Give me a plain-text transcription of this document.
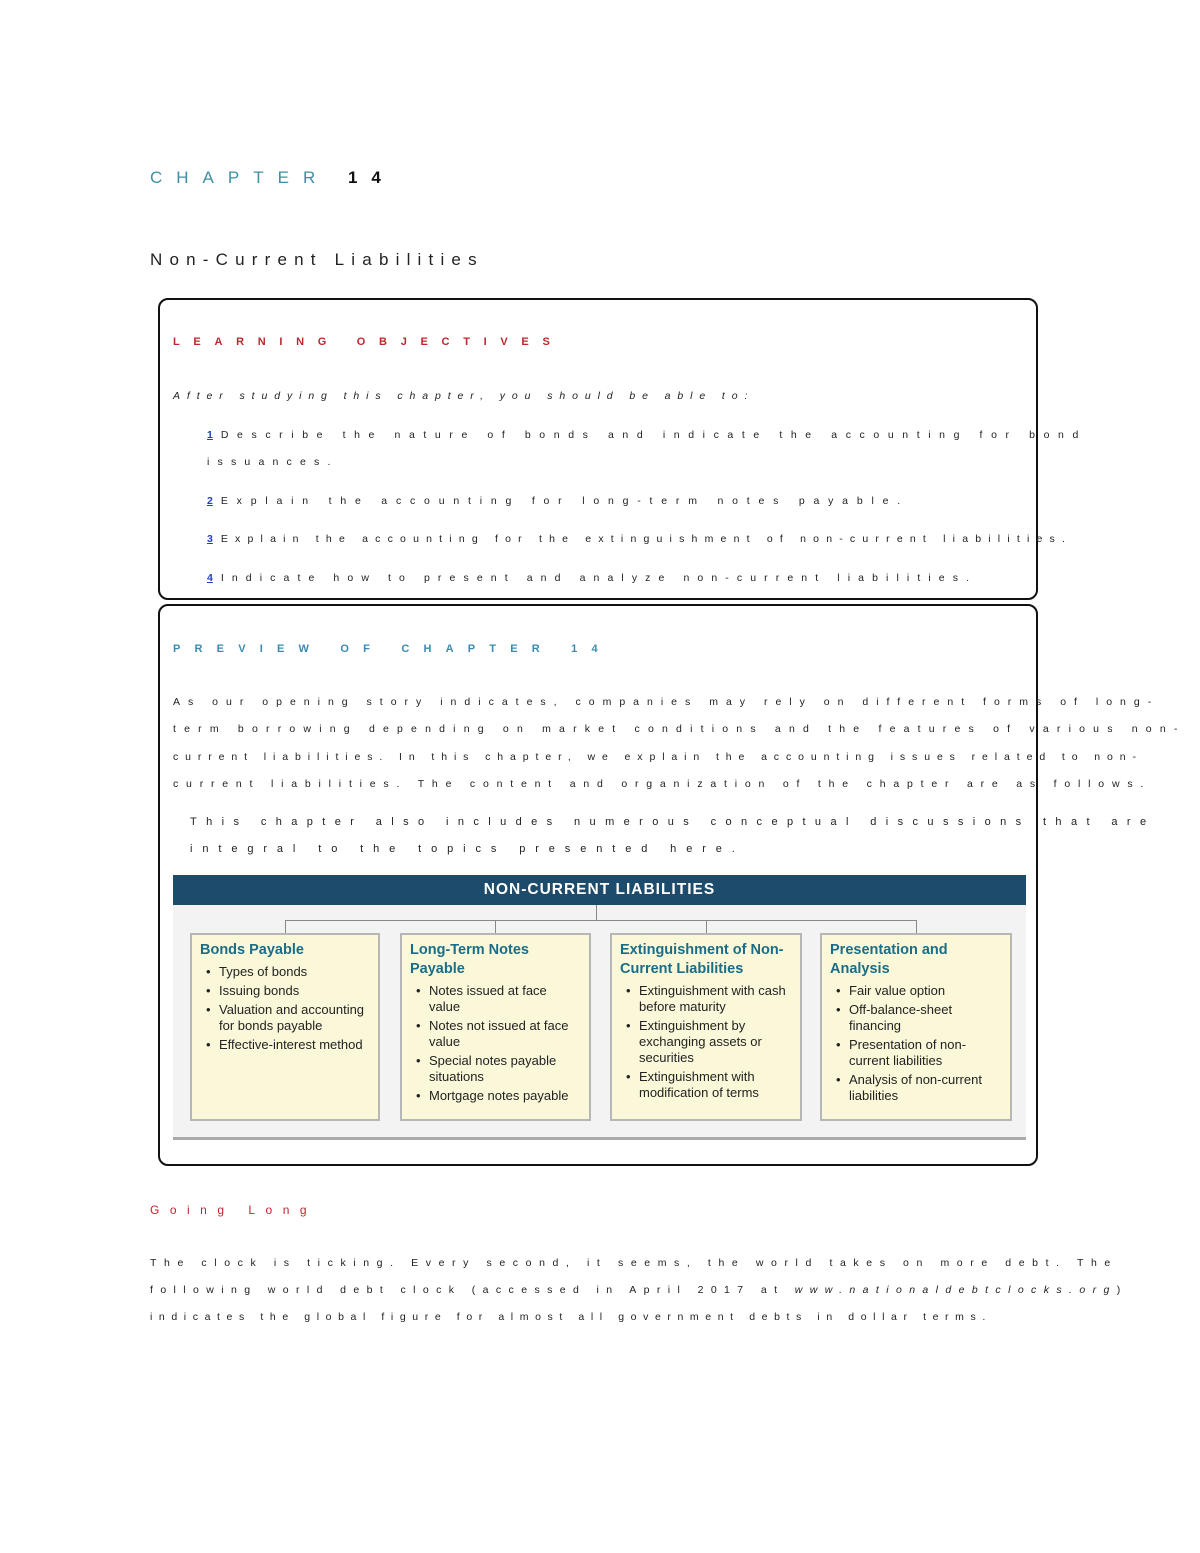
CHAPTER 14
Non-Current Liabilities
LEARNING OBJECTIVES
After studying this chapter, you should be able to:
1 Describe the nature of bonds and indicate the accounting for bond
issuances.
2 Explain the accounting for long-term notes payable.
3 Explain the accounting for the extinguishment of non-current liabilities.
4 Indicate how to present and analyze non-current liabilities.
PREVIEW OF CHAPTER 14
As our opening story indicates, companies may rely on different forms of long-
term borrowing depending on market conditions and the features of various non-
current liabilities. In this chapter, we explain the accounting issues related to non-
current liabilities. The content and organization of the chapter are as follows.
This chapter also includes numerous conceptual discussions that are
integral to the topics presented here.
NON-CURRENT LIABILITIES
Bonds Payable
• Types of bonds
• Issuing bonds
• Valuation and accounting for bonds payable
• Effective-interest method
Long-Term Notes Payable
• Notes issued at face value
• Notes not issued at face value
• Special notes payable situations
• Mortgage notes payable
Extinguishment of Non-Current Liabilities
• Extinguishment with cash before maturity
• Extinguishment by exchanging assets or securities
• Extinguishment with modification of terms
Presentation and Analysis
• Fair value option
• Off-balance-sheet financing
• Presentation of non-current liabilities
• Analysis of non-current liabilities
Going Long
The clock is ticking. Every second, it seems, the world takes on more debt. The
following world debt clock (accessed in April 2017 at www.nationaldebtclocks.org)
indicates the global figure for almost all government debts in dollar terms.
